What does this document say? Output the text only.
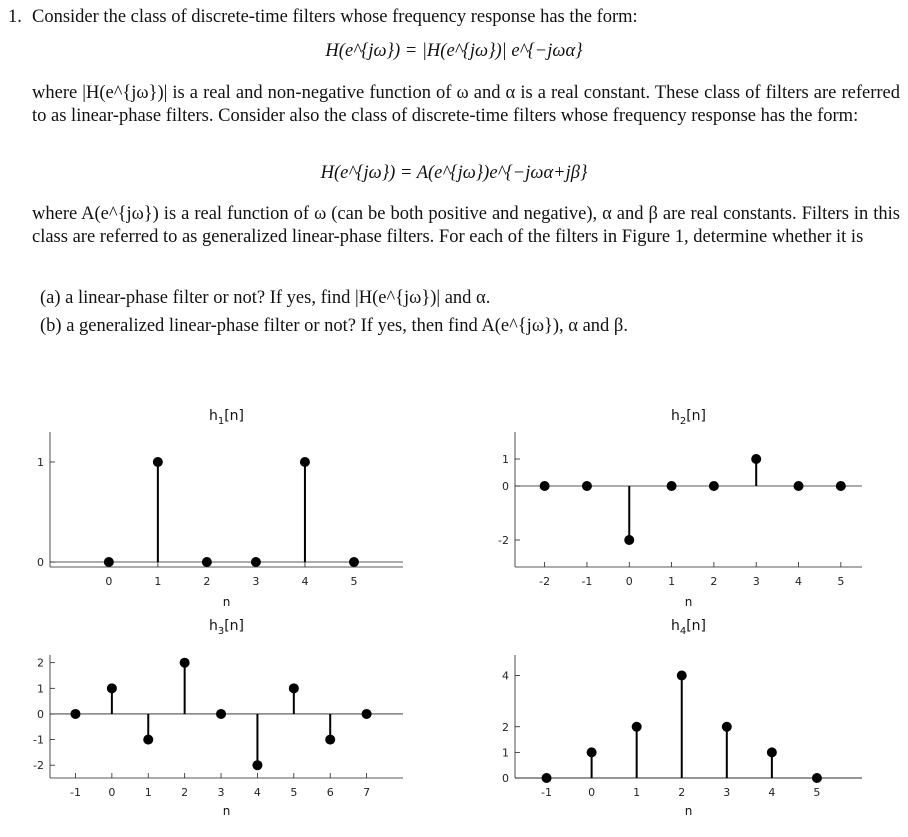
1. Consider the class of discrete-time filters whose frequency response has the form:
H(e^{jω}) = |H(e^{jω})| e^{−jωα}
where |H(e^{jω})| is a real and non-negative function of ω and α is a real constant. These class of filters are referred to as linear-phase filters. Consider also the class of discrete-time filters whose frequency response has the form:
H(e^{jω}) = A(e^{jω})e^{−jωα+jβ}
where A(e^{jω}) is a real function of ω (can be both positive and negative), α and β are real constants. Filters in this class are referred to as generalized linear-phase filters. For each of the filters in Figure 1, determine whether it is
(a) a linear-phase filter or not? If yes, find |H(e^{jω})| and α.
(b) a generalized linear-phase filter or not? If yes, then find A(e^{jω}), α and β.
0	1	2	3	4	5
0
1
$h_1[n]$
n
-2	-1	0	1	2	3	4	5
-2
0
1
$h_2[n]$
n
-1 0	1	2	3	4	5	6	7
-2
-1
0
1
2
$h_3[n]$
n
-1	0	1	2	3	4	5
0
1
2
4
$h_4[n]$
n
